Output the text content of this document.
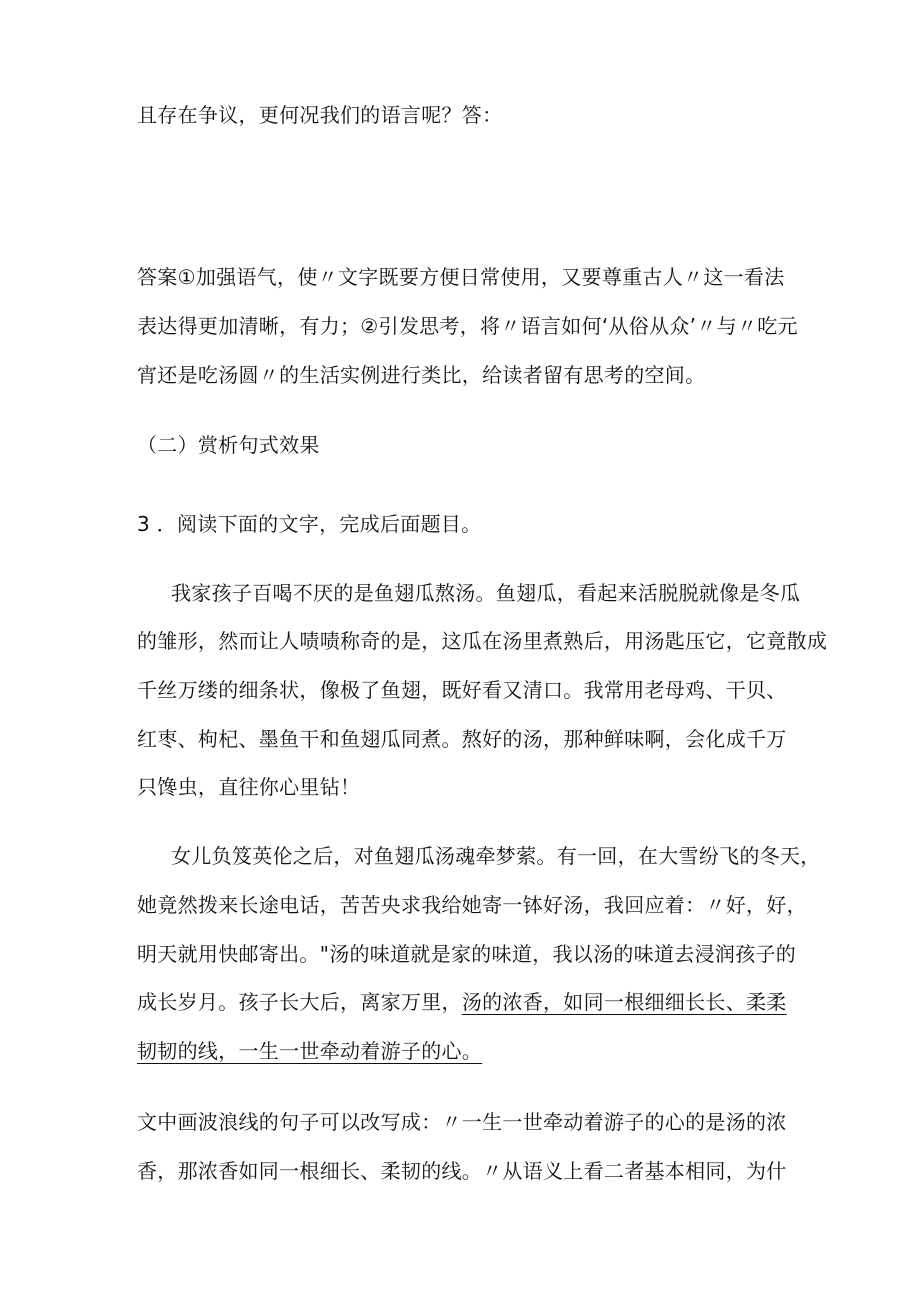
且存在争议，更何况我们的语言呢？答：
答案①加强语气，使〃文字既要方便日常使用，又要尊重古人〃这一看法
表达得更加清晰，有力；②引发思考，将〃语言如何‘从俗从众’〃与〃吃元
宵还是吃汤圆〃的生活实例进行类比，给读者留有思考的空间。
（二）赏析句式效果
3 ．阅读下面的文字，完成后面题目。
我家孩子百喝不厌的是鱼翅瓜熬汤。鱼翅瓜，看起来活脱脱就像是冬瓜
的雏形，然而让人啧啧称奇的是，这瓜在汤里煮熟后，用汤匙压它，它竟散成
千丝万缕的细条状，像极了鱼翅，既好看又清口。我常用老母鸡、干贝、
红枣、枸杞、墨鱼干和鱼翅瓜同煮。熬好的汤，那种鲜味啊，会化成千万
只馋虫，直往你心里钻！
女儿负笈英伦之后，对鱼翅瓜汤魂牵梦萦。有一回，在大雪纷飞的冬天，
她竟然拨来长途电话，苦苦央求我给她寄一钵好汤，我回应着：〃好，好，
明天就用快邮寄出。"汤的味道就是家的味道，我以汤的味道去浸润孩子的
成长岁月。孩子长大后，离家万里，汤的浓香，如同一根细细长长、柔柔
韧韧的线，一生一世牵动着游子的心。
文中画波浪线的句子可以改写成：〃一生一世牵动着游子的心的是汤的浓
香，那浓香如同一根细长、柔韧的线。〃从语义上看二者基本相同，为什
